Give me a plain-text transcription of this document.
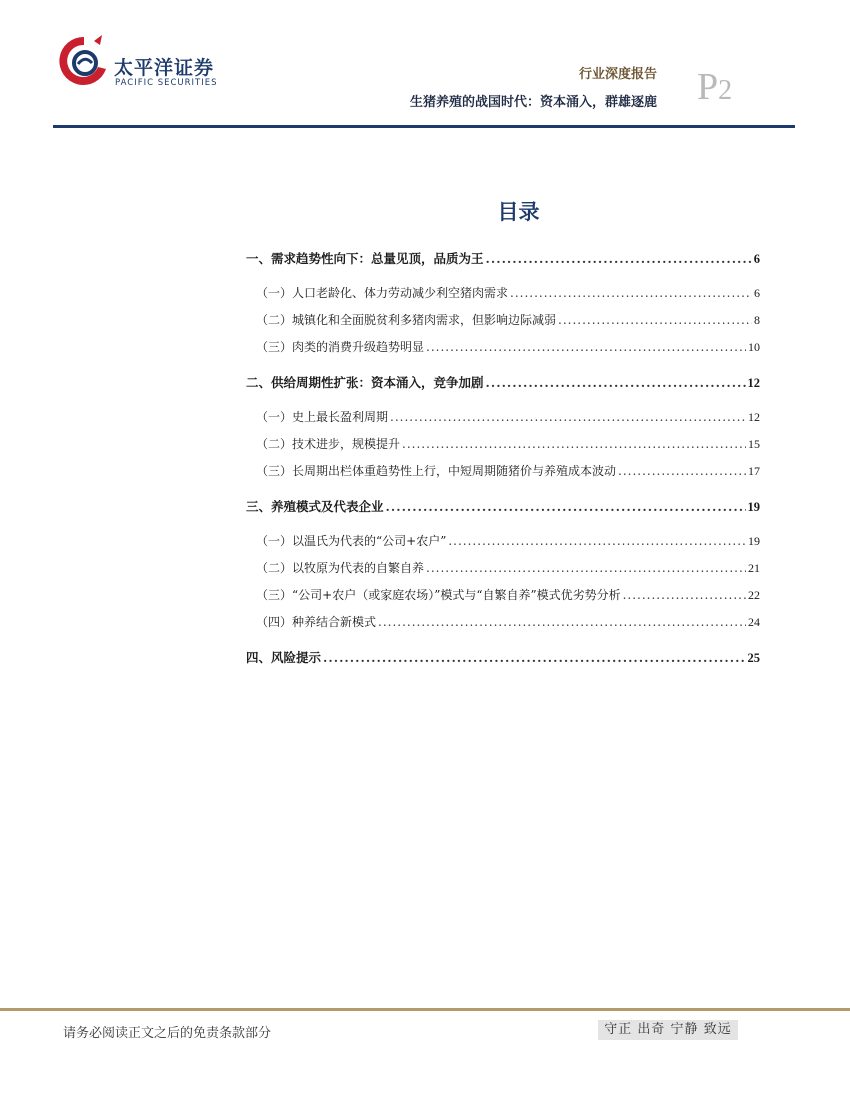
太平洋证券
PACIFIC SECURITIES
行业深度报告
生猪养殖的战国时代：资本涌入，群雄逐鹿 P2
目录
一、需求趋势性向下：总量见顶，品质为王 .....	6
（一）人口老龄化、体力劳动减少利空猪肉需求 .....	6
（二）城镇化和全面脱贫利多猪肉需求，但影响边际减弱 .....	8
（三）肉类的消费升级趋势明显 .....	10
二、供给周期性扩张：资本涌入，竞争加剧 .....	12
（一）史上最长盈利周期 .....	12
（二）技术进步，规模提升 .....	15
（三）长周期出栏体重趋势性上行，中短周期随猪价与养殖成本波动 .....	17
三、养殖模式及代表企业 .....	19
（一）以温氏为代表的“公司+农户” .....	19
（二）以牧原为代表的自繁自养 .....	21
（三）“公司+农户（或家庭农场）”模式与“自繁自养”模式优劣势分析 .....	22
（四）种养结合新模式 .....	24
四、风险提示 .....	25
请务必阅读正文之后的免责条款部分	守正 出奇 宁静 致远
